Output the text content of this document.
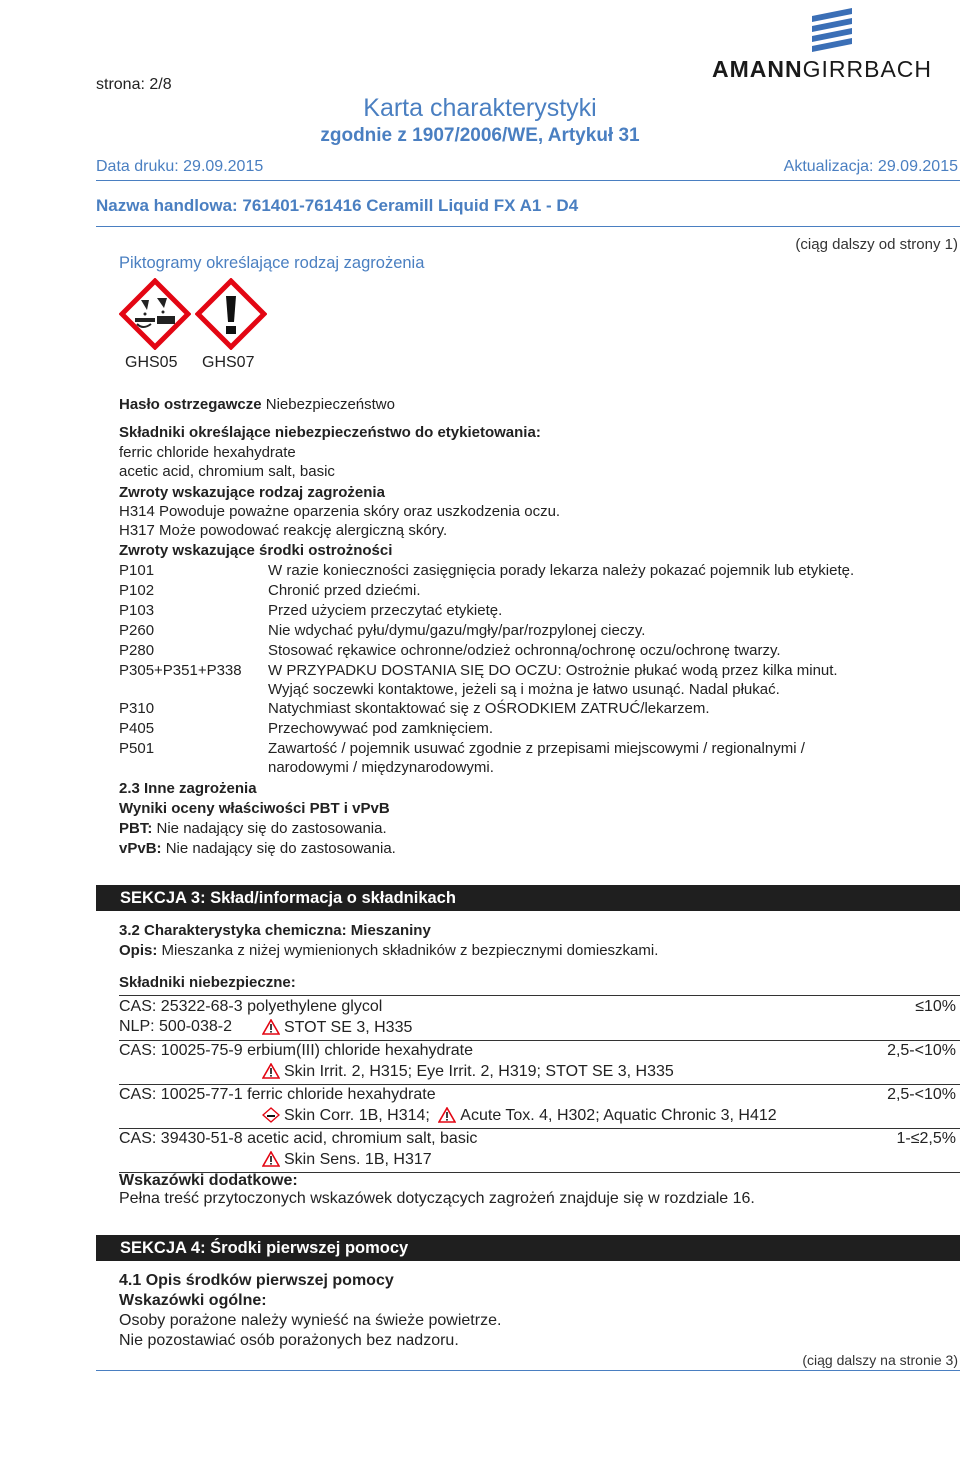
strona: 2/8
AMANNGIRRBACH
Karta charakterystyki
zgodnie z 1907/2006/WE, Artykuł 31
Data druku: 29.09.2015	Aktualizacja: 29.09.2015
Nazwa handlowa: 761401-761416 Ceramill Liquid FX A1 - D4
(ciąg dalszy od strony 1)
Piktogramy określające rodzaj zagrożenia
GHS05 GHS07
Hasło ostrzegawcze Niebezpieczeństwo
Składniki określające niebezpieczeństwo do etykietowania:
ferric chloride hexahydrate
acetic acid, chromium salt, basic
Zwroty wskazujące rodzaj zagrożenia
H314 Powoduje poważne oparzenia skóry oraz uszkodzenia oczu.
H317 Może powodować reakcję alergiczną skóry.
Zwroty wskazujące środki ostrożności
P101	W razie konieczności zasięgnięcia porady lekarza należy pokazać pojemnik lub etykietę.
P102	Chronić przed dziećmi.
P103	Przed użyciem przeczytać etykietę.
P260	Nie wdychać pyłu/dymu/gazu/mgły/par/rozpylonej cieczy.
P280	Stosować rękawice ochronne/odzież ochronną/ochronę oczu/ochronę twarzy.
P305+P351+P338 W PRZYPADKU DOSTANIA SIĘ DO OCZU: Ostrożnie płukać wodą przez kilka minut.
Wyjąć soczewki kontaktowe, jeżeli są i można je łatwo usunąć. Nadal płukać.
P310	Natychmiast skontaktować się z OŚRODKIEM ZATRUĆ/lekarzem.
P405	Przechowywać pod zamknięciem.
P501	Zawartość / pojemnik usuwać zgodnie z przepisami miejscowymi / regionalnymi /
narodowymi / międzynarodowymi.
2.3 Inne zagrożenia
Wyniki oceny właściwości PBT i vPvB
PBT: Nie nadający się do zastosowania.
vPvB: Nie nadający się do zastosowania.
SEKCJA 3: Skład/informacja o składnikach
3.2 Charakterystyka chemiczna: Mieszaniny
Opis: Mieszanka z niżej wymienionych składników z bezpiecznymi domieszkami.
Składniki niebezpieczne:
CAS: 25322-68-3 polyethylene glycol	≤10%
NLP: 500-038-2	STOT SE 3, H335
CAS: 10025-75-9 erbium(III) chloride hexahydrate	2,5-<10%
Skin Irrit. 2, H315; Eye Irrit. 2, H319; STOT SE 3, H335
CAS: 10025-77-1 ferric chloride hexahydrate	2,5-<10%
Skin Corr. 1B, H314; Acute Tox. 4, H302; Aquatic Chronic 3, H412
CAS: 39430-51-8 acetic acid, chromium salt, basic	1-≤2,5%
Skin Sens. 1B, H317
Wskazówki dodatkowe:
Pełna treść przytoczonych wskazówek dotyczących zagrożeń znajduje się w rozdziale 16.
SEKCJA 4: Środki pierwszej pomocy
4.1 Opis środków pierwszej pomocy
Wskazówki ogólne:
Osoby porażone należy wynieść na świeże powietrze.
Nie pozostawiać osób porażonych bez nadzoru.
(ciąg dalszy na stronie 3)
